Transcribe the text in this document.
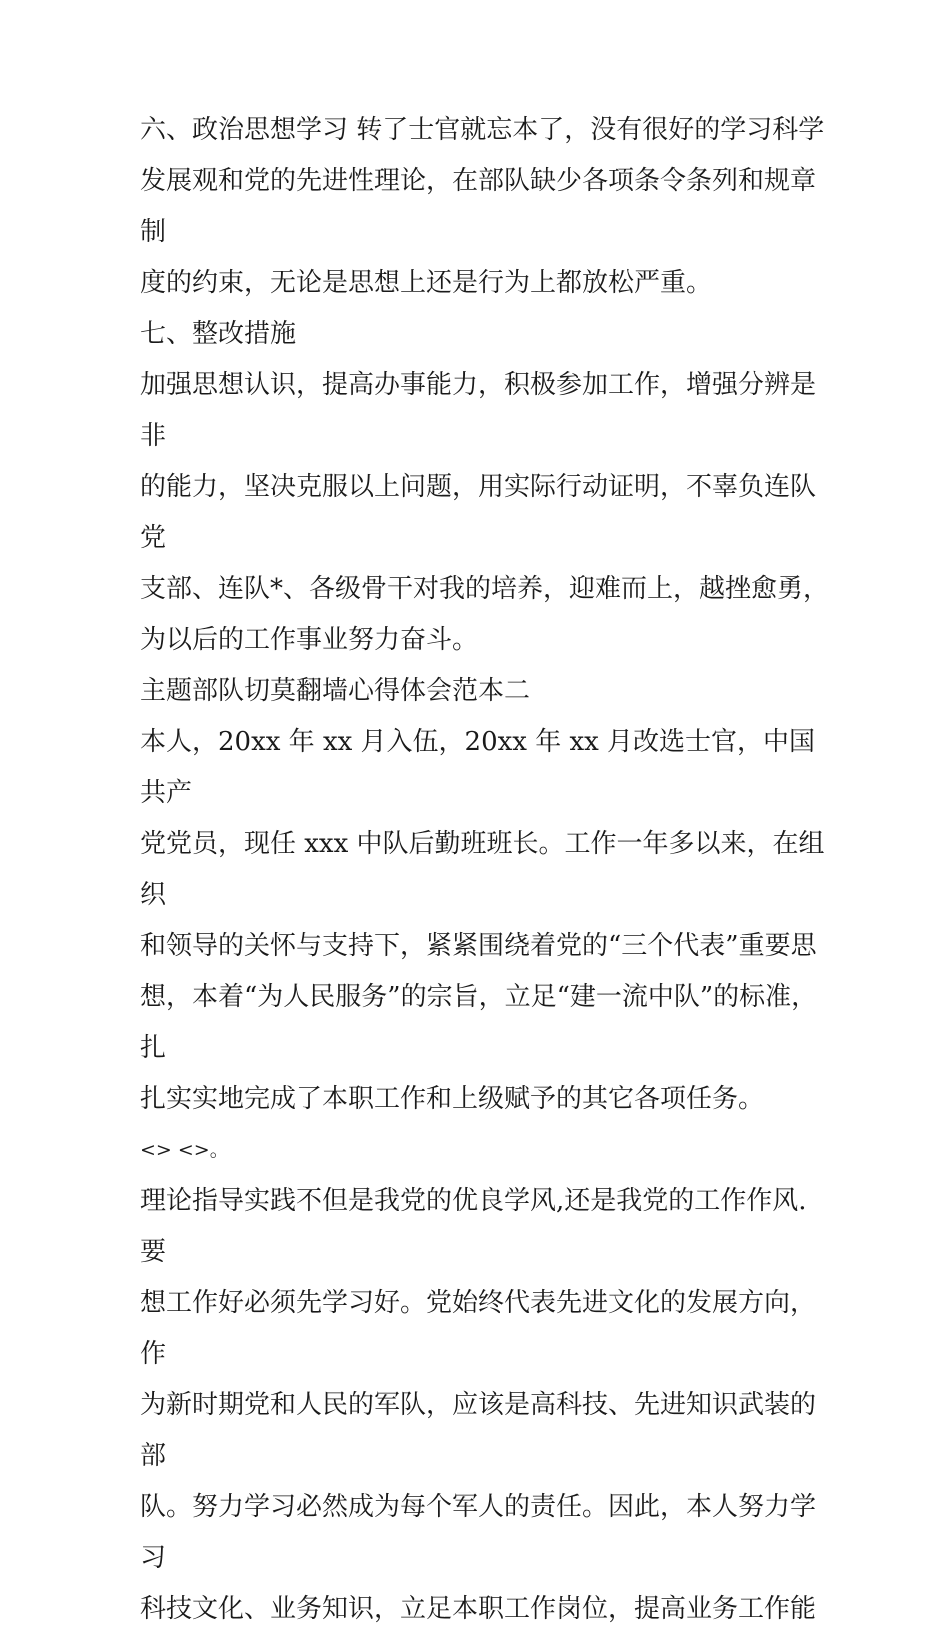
六、政治思想学习 转了士官就忘本了，没有很好的学习科学
发展观和党的先进性理论，在部队缺少各项条令条列和规章制
度的约束，无论是思想上还是行为上都放松严重。

七、整改措施

加强思想认识，提高办事能力，积极参加工作，增强分辨是非
的能力，坚决克服以上问题，用实际行动证明，不辜负连队党
支部、连队*、各级骨干对我的培养，迎难而上，越挫愈勇，
为以后的工作事业努力奋斗。

主题部队切莫翻墙心得体会范本二

本人，20xx 年 xx 月入伍，20xx 年 xx 月改选士官，中国共产
党党员，现任 xxx 中队后勤班班长。工作一年多以来，在组织
和领导的关怀与支持下，紧紧围绕着党的“三个代表”重要思
想，本着“为人民服务”的宗旨，立足“建一流中队”的标准，扎
扎实实地完成了本职工作和上级赋予的其它各项任务。

<> <>。

理论指导实践不但是我党的优良学风,还是我党的工作作风.要
想工作好必须先学习好。党始终代表先进文化的发展方向，作
为新时期党和人民的军队，应该是高科技、先进知识武装的部
队。努力学习必然成为每个军人的责任。因此，本人努力学习
科技文化、业务知识，立足本职工作岗位，提高业务工作能
